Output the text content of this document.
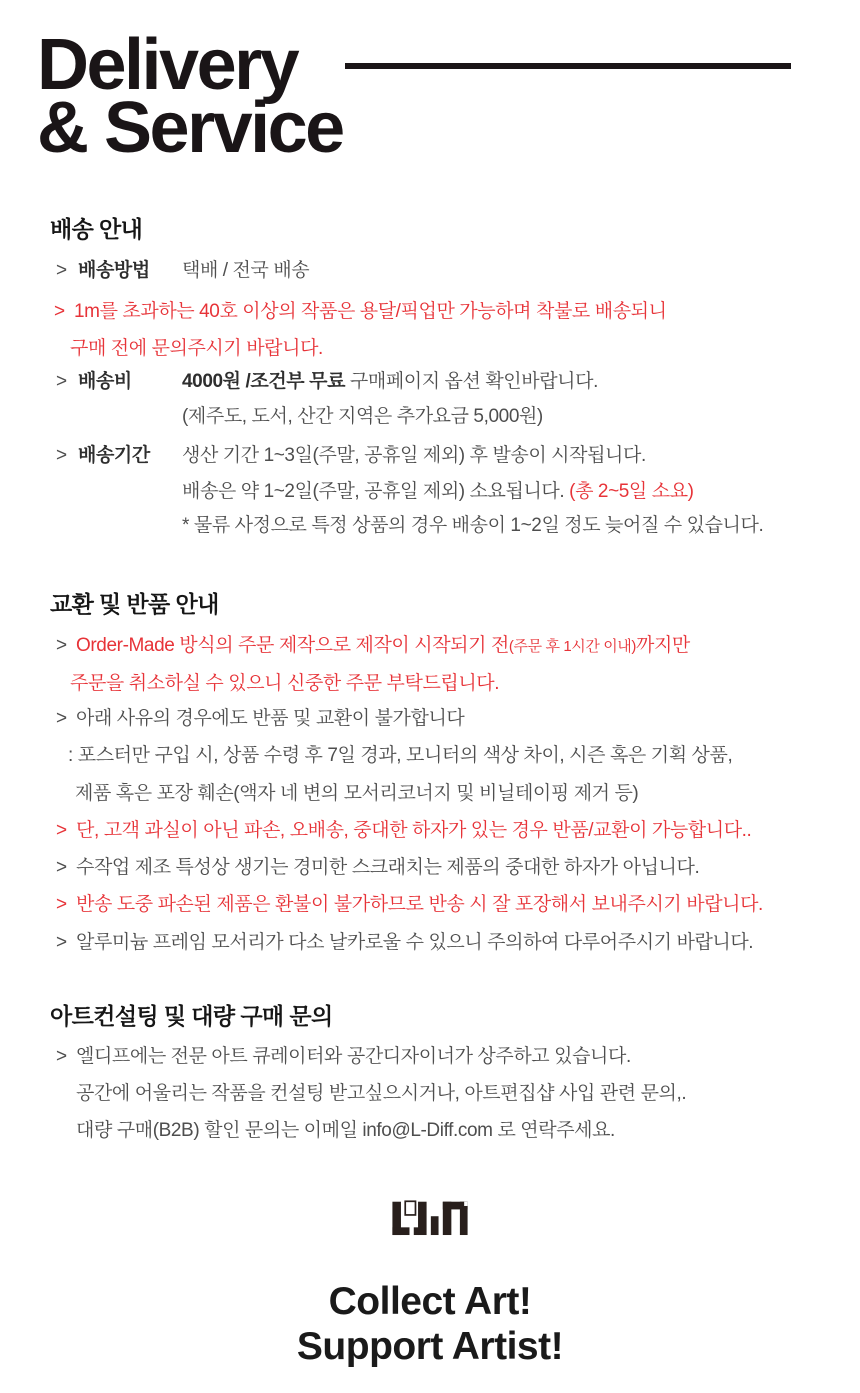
Delivery
& Service
배송 안내
> 배송방법 택배 / 전국 배송
> 1m를 초과하는 40호 이상의 작품은 용달/픽업만 가능하며 착불로 배송되니
구매 전에 문의주시기 바랍니다.
> 배송비	4000원 /조건부 무료 구매페이지 옵션 확인바랍니다.
(제주도, 도서, 산간 지역은 추가요금 5,000원)
> 배송기간 생산 기간 1~3일(주말, 공휴일 제외) 후 발송이 시작됩니다.
배송은 약 1~2일(주말, 공휴일 제외) 소요됩니다. (총 2~5일 소요)
* 물류 사정으로 특정 상품의 경우 배송이 1~2일 정도 늦어질 수 있습니다.
교환 및 반품 안내
> Order-Made 방식의 주문 제작으로 제작이 시작되기 전(주문 후 1시간 이내)까지만
주문을 취소하실 수 있으니 신중한 주문 부탁드립니다.
> 아래 사유의 경우에도 반품 및 교환이 불가합니다
: 포스터만 구입 시, 상품 수령 후 7일 경과, 모니터의 색상 차이, 시즌 혹은 기획 상품,
제품 혹은 포장 훼손(액자 네 변의 모서리코너지 및 비닐테이핑 제거 등)
> 단, 고객 과실이 아닌 파손, 오배송, 중대한 하자가 있는 경우 반품/교환이 가능합니다..
> 수작업 제조 특성상 생기는 경미한 스크래치는 제품의 중대한 하자가 아닙니다.
> 반송 도중 파손된 제품은 환불이 불가하므로 반송 시 잘 포장해서 보내주시기 바랍니다.
> 알루미늄 프레임 모서리가 다소 날카로울 수 있으니 주의하여 다루어주시기 바랍니다.
아트컨설팅 및 대량 구매 문의
> 엘디프에는 전문 아트 큐레이터와 공간디자이너가 상주하고 있습니다.
공간에 어울리는 작품을 컨설팅 받고싶으시거나, 아트편집샵 사입 관련 문의,.
대량 구매(B2B) 할인 문의는 이메일 info@L-Diff.com 로 연락주세요.
Collect Art!
Support Artist!
